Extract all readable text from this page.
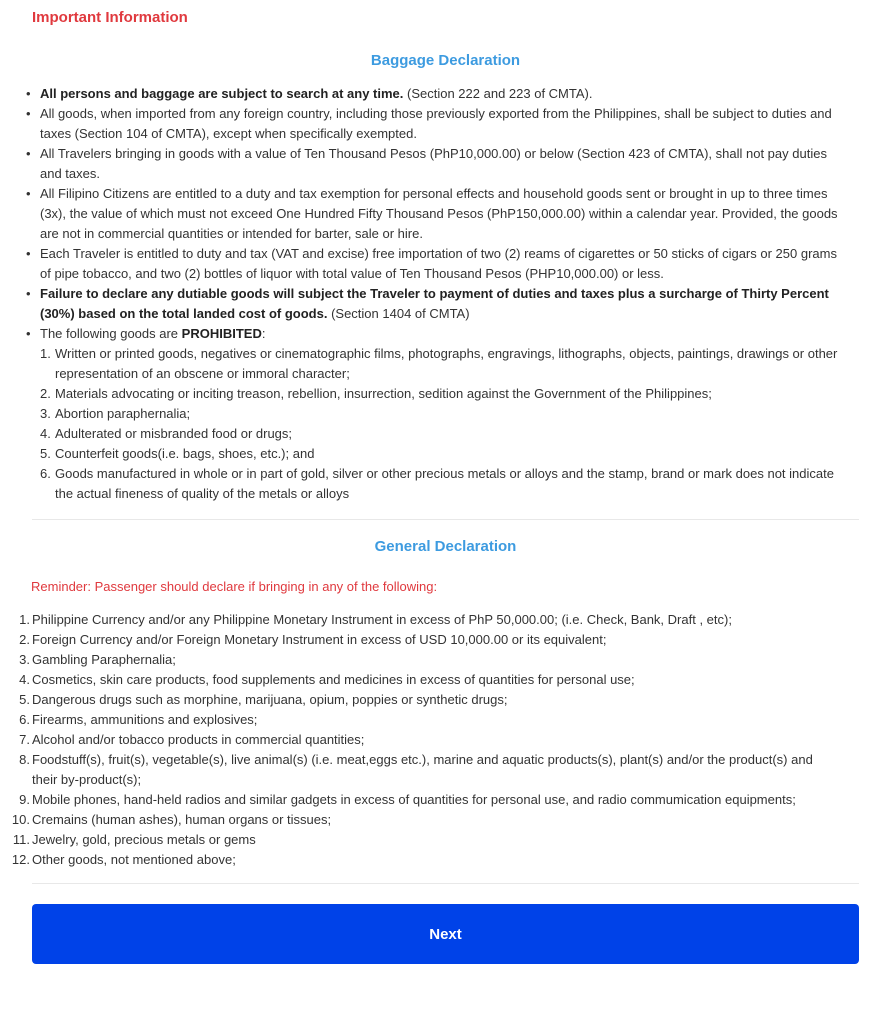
Important Information
Baggage Declaration
• All persons and baggage are subject to search at any time. (Section 222 and 223 of CMTA).
• All goods, when imported from any foreign country, including those previously exported from the Philippines, shall be subject to duties and taxes (Section 104 of CMTA), except when specifically exempted.
• All Travelers bringing in goods with a value of Ten Thousand Pesos (PhP10,000.00) or below (Section 423 of CMTA), shall not pay duties and taxes.
• All Filipino Citizens are entitled to a duty and tax exemption for personal effects and household goods sent or brought in up to three times (3x), the value of which must not exceed One Hundred Fifty Thousand Pesos (PhP150,000.00) within a calendar year. Provided, the goods are not in commercial quantities or intended for barter, sale or hire.
• Each Traveler is entitled to duty and tax (VAT and excise) free importation of two (2) reams of cigarettes or 50 sticks of cigars or 250 grams of pipe tobacco, and two (2) bottles of liquor with total value of Ten Thousand Pesos (PHP10,000.00) or less.
• Failure to declare any dutiable goods will subject the Traveler to payment of duties and taxes plus a surcharge of Thirty Percent (30%) based on the total landed cost of goods. (Section 1404 of CMTA)
• The following goods are PROHIBITED:
1. Written or printed goods, negatives or cinematographic films, photographs, engravings, lithographs, objects, paintings, drawings or other representation of an obscene or immoral character;
2. Materials advocating or inciting treason, rebellion, insurrection, sedition against the Government of the Philippines;
3. Abortion paraphernalia;
4. Adulterated or misbranded food or drugs;
5. Counterfeit goods(i.e. bags, shoes, etc.); and
6. Goods manufactured in whole or in part of gold, silver or other precious metals or alloys and the stamp, brand or mark does not indicate the actual fineness of quality of the metals or alloys
General Declaration

Reminder: Passenger should declare if bringing in any of the following:

1. Philippine Currency and/or any Philippine Monetary Instrument in excess of PhP 50,000.00; (i.e. Check, Bank, Draft , etc);
2. Foreign Currency and/or Foreign Monetary Instrument in excess of USD 10,000.00 or its equivalent;
3. Gambling Paraphernalia;
4. Cosmetics, skin care products, food supplements and medicines in excess of quantities for personal use;
5. Dangerous drugs such as morphine, marijuana, opium, poppies or synthetic drugs;
6. Firearms, ammunitions and explosives;
7. Alcohol and/or tobacco products in commercial quantities;
8. Foodstuff(s), fruit(s), vegetable(s), live animal(s) (i.e. meat,eggs etc.), marine and aquatic products(s), plant(s) and/or the product(s) and their by-product(s);
9. Mobile phones, hand-held radios and similar gadgets in excess of quantities for personal use, and radio commumication equipments;
10. Cremains (human ashes), human organs or tissues;
11. Jewelry, gold, precious metals or gems
12. Other goods, not mentioned above;
Next
